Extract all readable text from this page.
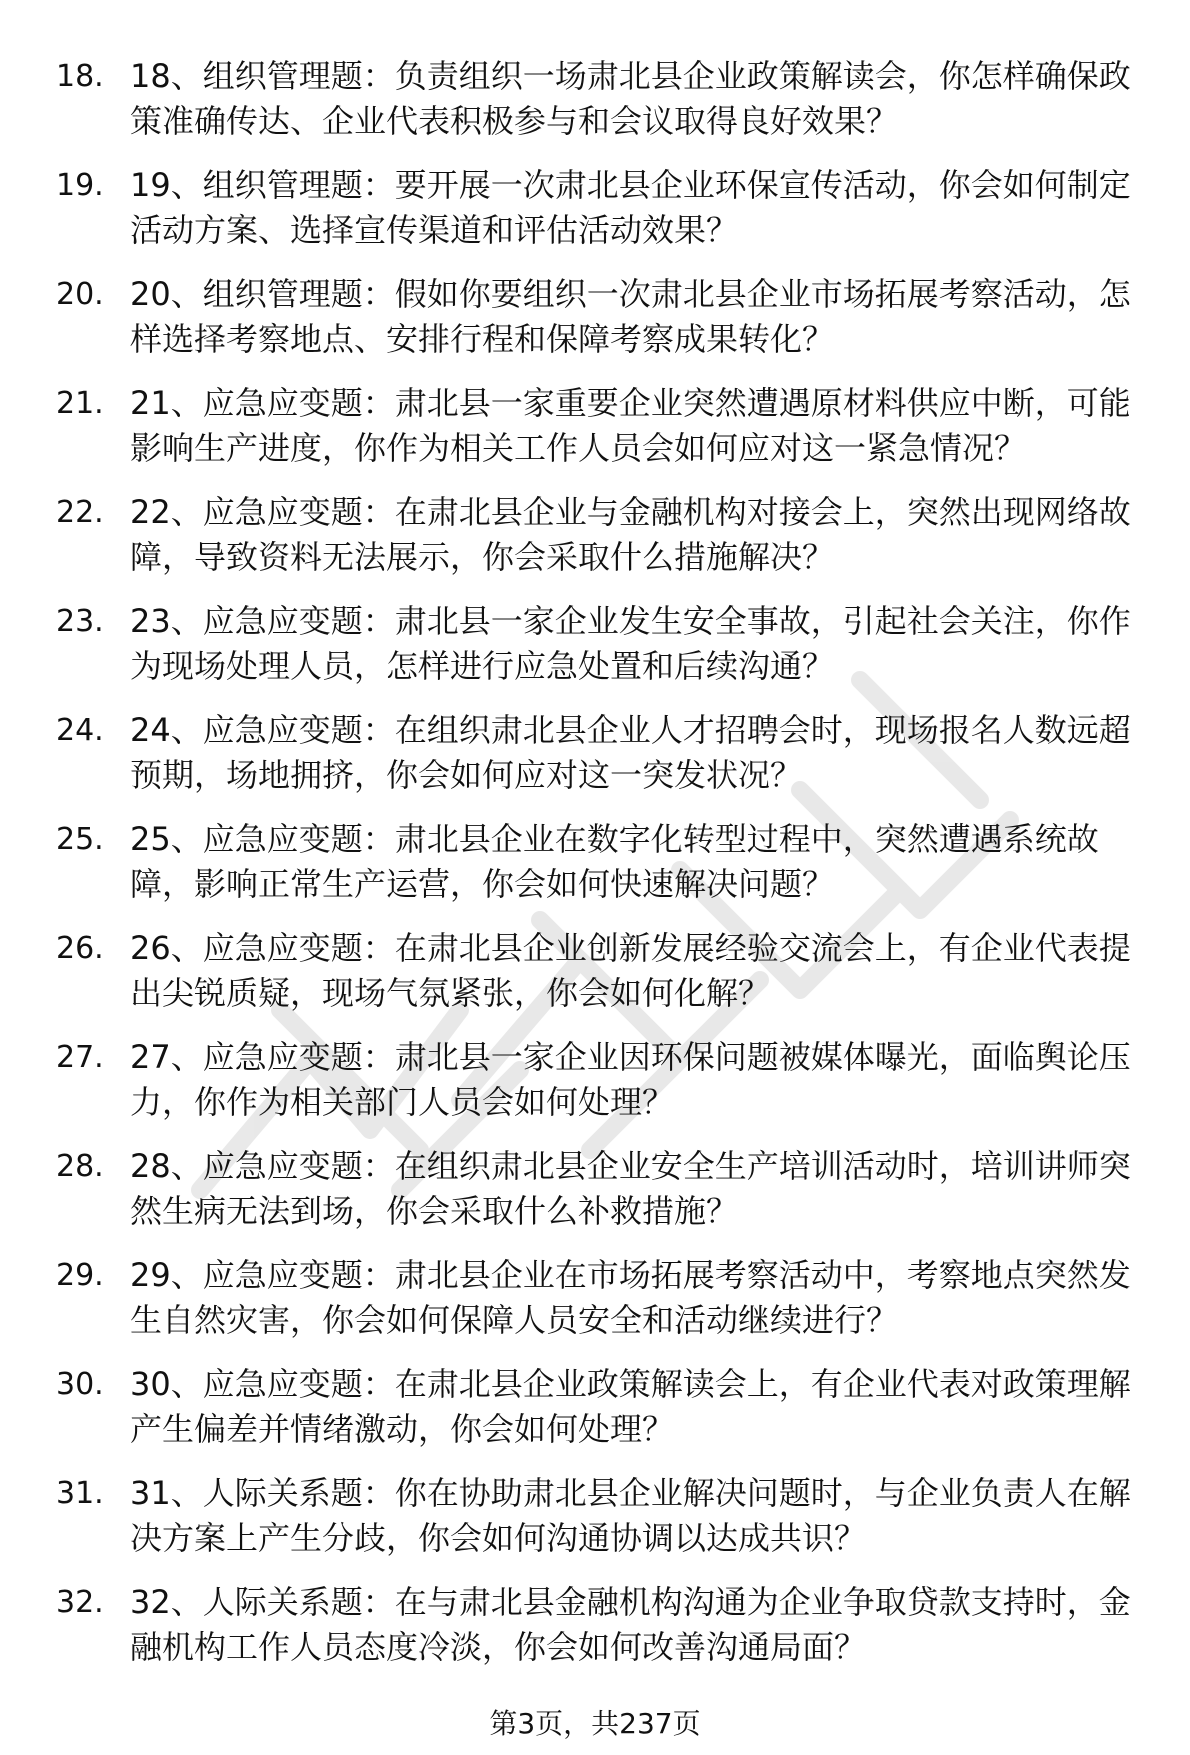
18. 18、组织管理题：负责组织一场肃北县企业政策解读会，你怎样确保政策准确传达、企业代表积极参与和会议取得良好效果？
19. 19、组织管理题：要开展一次肃北县企业环保宣传活动，你会如何制定活动方案、选择宣传渠道和评估活动效果？
20. 20、组织管理题：假如你要组织一次肃北县企业市场拓展考察活动，怎样选择考察地点、安排行程和保障考察成果转化？
21. 21、应急应变题：肃北县一家重要企业突然遭遇原材料供应中断，可能影响生产进度，你作为相关工作人员会如何应对这一紧急情况？
22. 22、应急应变题：在肃北县企业与金融机构对接会上，突然出现网络故障，导致资料无法展示，你会采取什么措施解决？
23. 23、应急应变题：肃北县一家企业发生安全事故，引起社会关注，你作为现场处理人员，怎样进行应急处置和后续沟通？
24. 24、应急应变题：在组织肃北县企业人才招聘会时，现场报名人数远超预期，场地拥挤，你会如何应对这一突发状况？
25. 25、应急应变题：肃北县企业在数字化转型过程中，突然遭遇系统故障，影响正常生产运营，你会如何快速解决问题？
26. 26、应急应变题：在肃北县企业创新发展经验交流会上，有企业代表提出尖锐质疑，现场气氛紧张，你会如何化解？
27. 27、应急应变题：肃北县一家企业因环保问题被媒体曝光，面临舆论压力，你作为相关部门人员会如何处理？
28. 28、应急应变题：在组织肃北县企业安全生产培训活动时，培训讲师突然生病无法到场，你会采取什么补救措施？
29. 29、应急应变题：肃北县企业在市场拓展考察活动中，考察地点突然发生自然灾害，你会如何保障人员安全和活动继续进行？
30. 30、应急应变题：在肃北县企业政策解读会上，有企业代表对政策理解产生偏差并情绪激动，你会如何处理？
31. 31、人际关系题：你在协助肃北县企业解决问题时，与企业负责人在解决方案上产生分歧，你会如何沟通协调以达成共识？
32. 32、人际关系题：在与肃北县金融机构沟通为企业争取贷款支持时，金融机构工作人员态度冷淡，你会如何改善沟通局面？
第3页，共237页
